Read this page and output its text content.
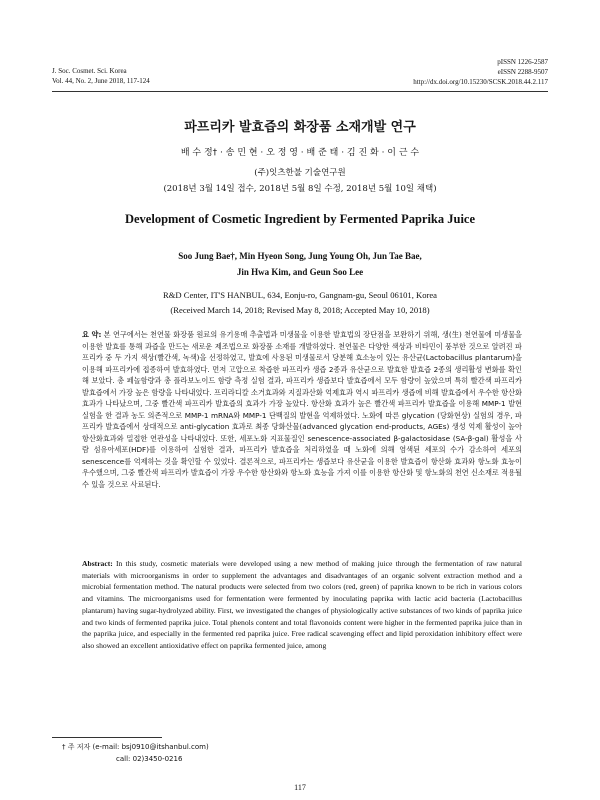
J. Soc. Cosmet. Sci. Korea
Vol. 44, No. 2, June 2018, 117-124
pISSN 1226-2587
eISSN 2288-9507
http://dx.doi.org/10.15230/SCSK.2018.44.2.117
파프리카 발효즙의 화장품 소재개발 연구
배 수 정† · 송 민 현 · 오 정 영 · 배 준 태 · 김 진 화 · 이 근 수
(주)잇츠한불 기술연구원
(2018년 3월 14일 접수, 2018년 5월 8일 수정, 2018년 5월 10일 채택)
Development of Cosmetic Ingredient by Fermented Paprika Juice
Soo Jung Bae†, Min Hyeon Song, Jung Young Oh, Jun Tae Bae,
Jin Hwa Kim, and Geun Soo Lee
R&D Center, IT'S HANBUL, 634, Eonju-ro, Gangnam-gu, Seoul 06101, Korea
(Received March 14, 2018; Revised May 8, 2018; Accepted May 10, 2018)
요 약: 본 연구에서는 천연물 화장품 원료의 유기용매 추출법과 미생물을 이용한 발효법의 장단점을 보완하기 위해, 생(生) 천연물에 미생물을 이용한 발효를 통해 과즙을 만드는 새로운 제조법으로 화장품 소재를 개발하였다. 천연물은 다양한 색상과 비타민이 풍부한 것으로 알려진 파프리카 중 두 가지 색상(빨간색, 녹색)을 선정하였고, 발효에 사용된 미생물로서 당분해 효소능이 있는 유산균(Lactobacillus plantarum)을 이용해 파프리카에 접종하여 발효하였다. 먼저 고압으로 착즙한 파프리카 생즙 2종과 유산균으로 발효한 발효즙 2종의 생리활성 변화를 확인해 보았다. 총 페놀함량과 총 플라보노이드 함량 측정 실험 결과, 파프리카 생즙보다 발효즙에서 모두 함량이 높았으며 특히 빨간색 파프리카 발효즙에서 가장 높은 함량을 나타내었다. 프리라디칼 소거효과와 지질과산화 억제효과 역시 파프리카 생즙에 비해 발효즙에서 우수한 항산화 효과가 나타났으며, 그중 빨간색 파프리카 발효즙의 효과가 가장 높았다. 항산화 효과가 높은 빨간색 파프리카 발효즙을 이용해 MMP-1 발현 실험을 한 결과 농도 의존적으로 MMP-1 mRNA와 MMP-1 단백질의 발현을 억제하였다. 노화에 따른 glycation (당화현상) 실험의 경우, 파프리카 발효즙에서 상대적으로 anti-glycation 효과로 최종 당화산물(advanced glycation end-products, AGEs) 생성 억제 활성이 높아 항산화효과와 밀접한 연관성을 나타내었다. 또한, 세포노화 지표물질인 senescence-associated β-galactosidase (SA-β-gal) 활성을 사람 섬유아세포(HDF)를 이용하여 실험한 결과, 파프리카 발효즙을 처리하였을 때 노화에 의해 염색된 세포의 수가 감소하여 세포의 senescence를 억제하는 것을 확인할 수 있었다. 결론적으로, 파프리카는 생즙보다 유산균을 이용한 발효즙이 항산화 효과와 항노화 효능이 우수했으며, 그중 빨간색 파프리카 발효즙이 가장 우수한 항산화와 항노화 효능을 가져 이를 이용한 항산화 및 항노화의 천연 신소재로 적용될 수 있을 것으로 사료된다.
Abstract: In this study, cosmetic materials were developed using a new method of making juice through the fermentation of raw natural materials with microorganisms in order to supplement the advantages and disadvantages of an organic solvent extraction method and a microbial fermentation method. The natural products were selected from two colors (red, green) of paprika known to be rich in various colors and vitamins. The microorganisms used for fermentation were fermented by inoculating paprika with lactic acid bacteria (Lactobacillus plantarum) having sugar-hydrolyzed ability. First, we investigated the changes of physiologically active substances of two kinds of paprika juice and two kinds of fermented paprika juice. Total phenols content and total flavonoids content were higher in the fermented paprika juice than in the paprika juice, and especially in the fermented red paprika juice. Free radical scavenging effect and lipid peroxidation inhibitory effect were also showed an excellent antioxidative effect on paprika fermented juice, among
† 주 저자 (e-mail: bsj0910@itshanbul.com)
call: 02)3450-0216
117
